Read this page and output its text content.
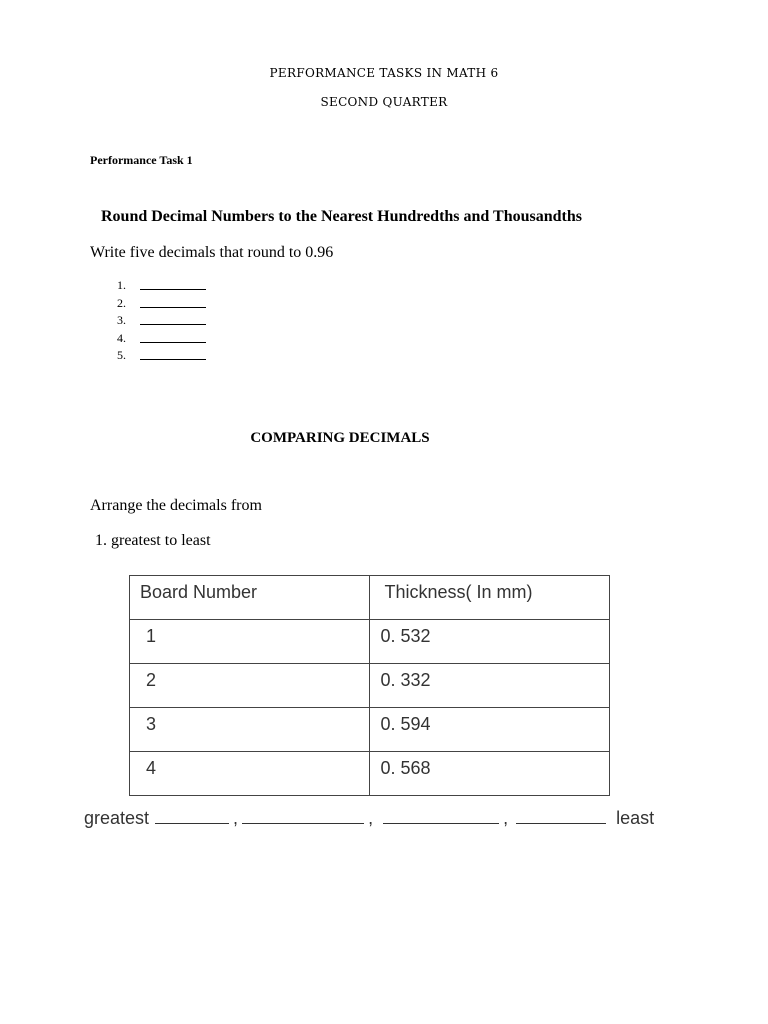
PERFORMANCE TASKS IN MATH 6
SECOND QUARTER
Performance Task 1
Round Decimal Numbers to the Nearest Hundredths and Thousandths
Write five decimals that round to 0.96
1.
2.
3.
4.
5.
COMPARING DECIMALS
Arrange the decimals from
1. greatest to least
Board Number	Thickness( In mm)
1	0. 532
2	0. 332
3	0. 594
4	0. 568
greatest	,	,	,	least
